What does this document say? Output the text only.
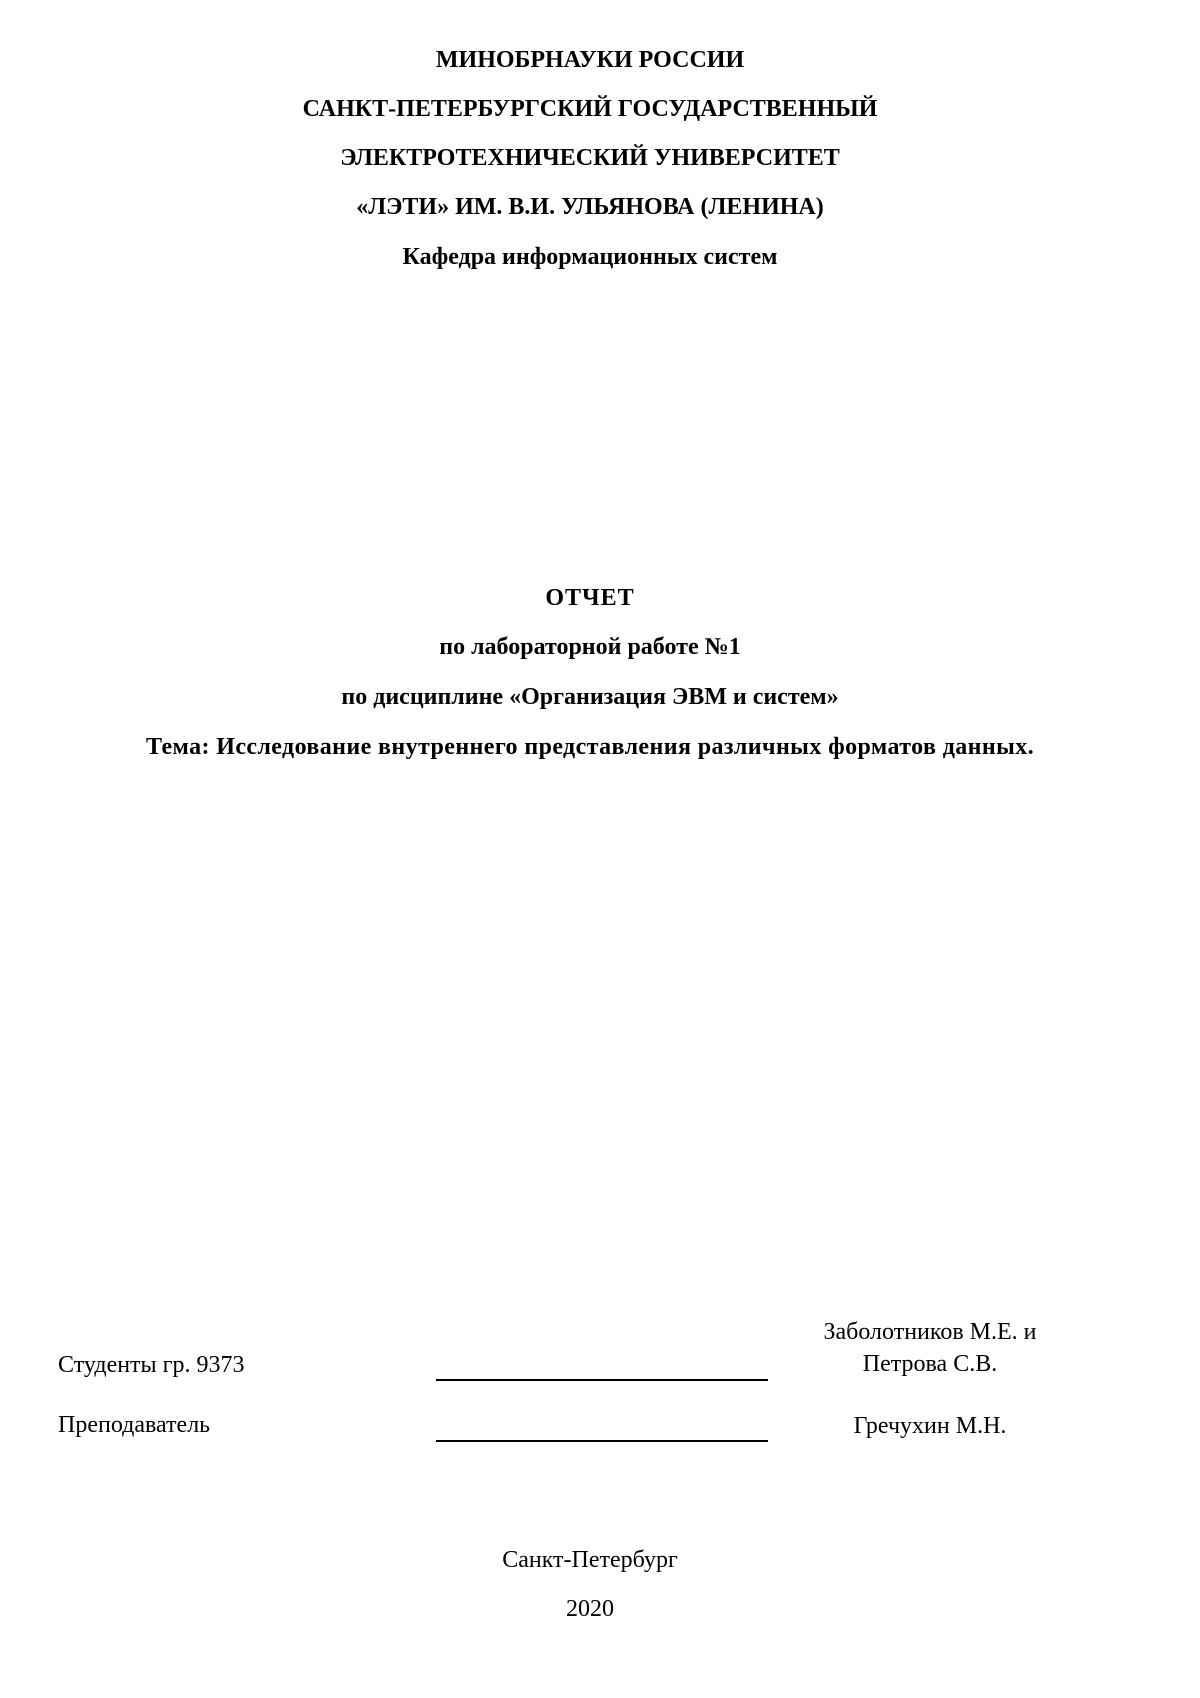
МИНОБРНАУКИ РОССИИ
САНКТ-ПЕТЕРБУРГСКИЙ ГОСУДАРСТВЕННЫЙ
ЭЛЕКТРОТЕХНИЧЕСКИЙ УНИВЕРСИТЕТ
«ЛЭТИ» ИМ. В.И. УЛЬЯНОВА (ЛЕНИНА)
Кафедра информационных систем
ОТЧЕТ
по лабораторной работе №1
по дисциплине «Организация ЭВМ и систем»
Тема: Исследование внутреннего представления различных форматов данных.
Студенты гр. 9373
Заболотников М.Е. и
Петрова С.В.
Преподаватель	Гречухин М.Н.
Санкт-Петербург
2020
